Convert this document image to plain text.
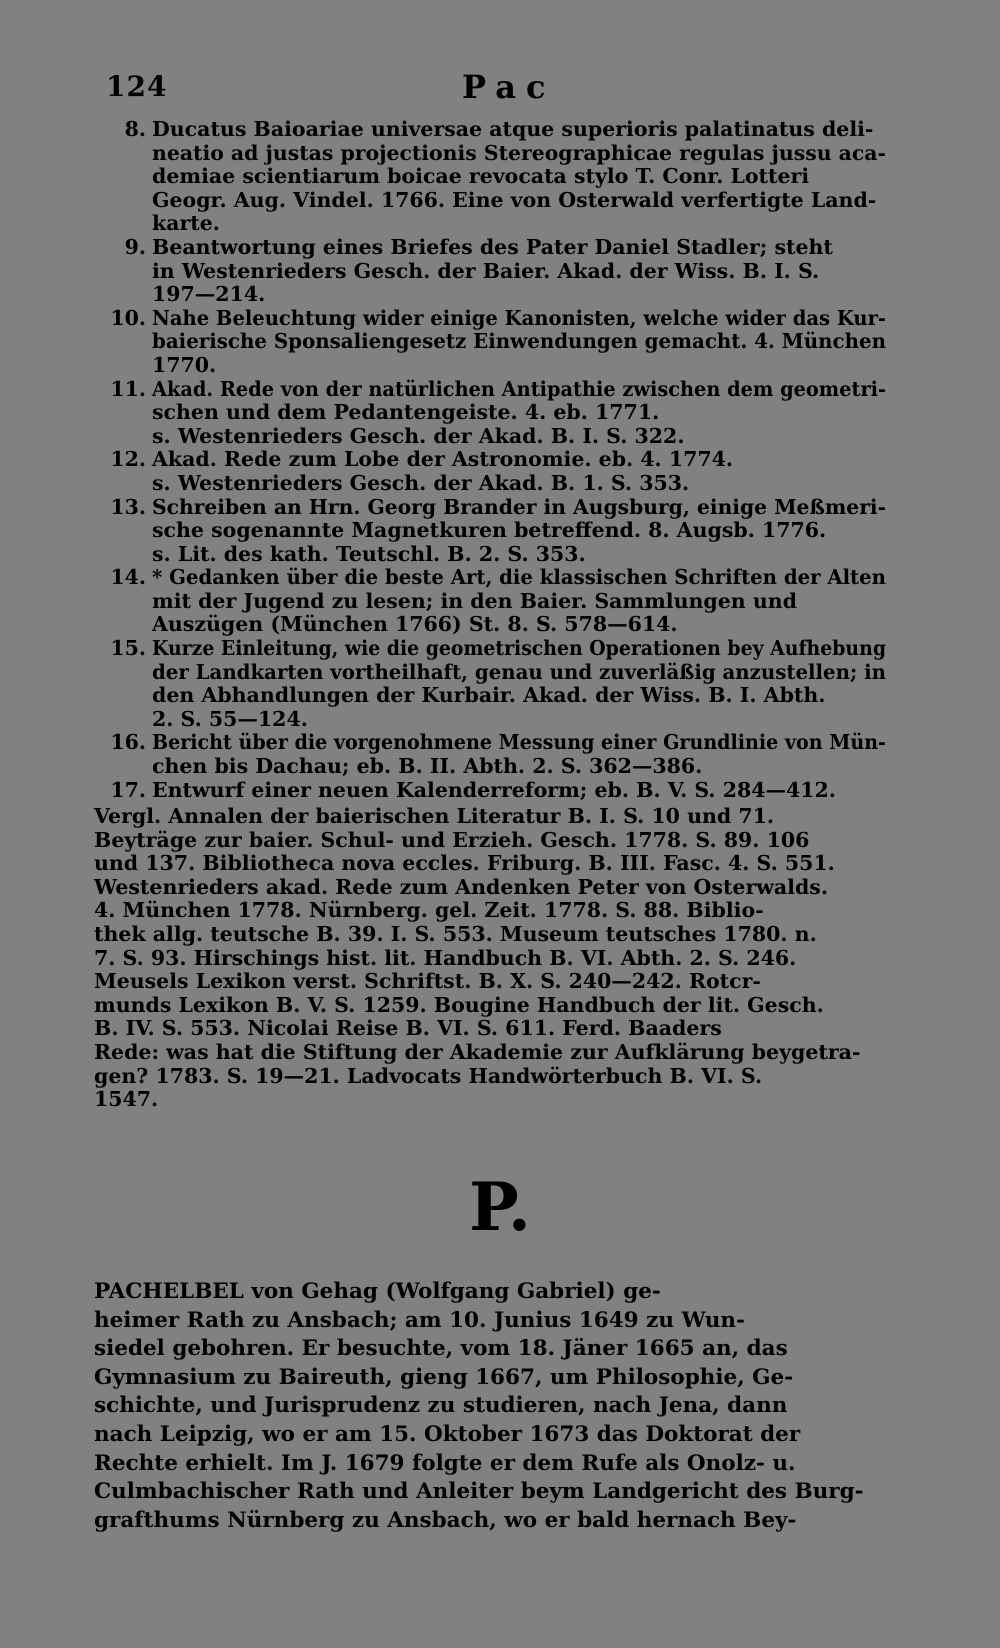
124	Pac
8. Ducatus Baioariae universae atque superioris palatinatus deli-
neatio ad justas projectionis Stereographicae regulas jussu aca-
demiae scientiarum boicae revocata stylo T. Conr. Lotteri
Geogr. Aug. Vindel. 1766. Eine von Osterwald verfertigte Land-
karte.
9. Beantwortung eines Briefes des Pater Daniel Stadler; steht
in Westenrieders Gesch. der Baier. Akad. der Wiss. B. I. S.
197—214.
10. Nahe Beleuchtung wider einige Kanonisten, welche wider das Kur-
baierische Sponsaliengesetz Einwendungen gemacht. 4. München
1770.
11. Akad. Rede von der natürlichen Antipathie zwischen dem geometri-
schen und dem Pedantengeiste. 4. eb. 1771.
s. Westenrieders Gesch. der Akad. B. I. S. 322.
12. Akad. Rede zum Lobe der Astronomie. eb. 4. 1774.
s. Westenrieders Gesch. der Akad. B. 1. S. 353.
13. Schreiben an Hrn. Georg Brander in Augsburg, einige Meßmeri-
sche sogenannte Magnetkuren betreffend. 8. Augsb. 1776.
s. Lit. des kath. Teutschl. B. 2. S. 353.
14. * Gedanken über die beste Art, die klassischen Schriften der Alten
mit der Jugend zu lesen; in den Baier. Sammlungen und
Auszügen (München 1766) St. 8. S. 578—614.
15. Kurze Einleitung, wie die geometrischen Operationen bey Aufhebung
der Landkarten vortheilhaft, genau und zuverläßig anzustellen; in
den Abhandlungen der Kurbair. Akad. der Wiss. B. I. Abth.
2. S. 55—124.
16. Bericht über die vorgenohmene Messung einer Grundlinie von Mün-
chen bis Dachau; eb. B. II. Abth. 2. S. 362—386.
17. Entwurf einer neuen Kalenderreform; eb. B. V. S. 284—412.
Vergl. Annalen der baierischen Literatur B. I. S. 10 und 71.
Beyträge zur baier. Schul- und Erzieh. Gesch. 1778. S. 89. 106
und 137. Bibliotheca nova eccles. Friburg. B. III. Fasc. 4. S. 551.
Westenrieders akad. Rede zum Andenken Peter von Osterwalds.
4. München 1778. Nürnberg. gel. Zeit. 1778. S. 88. Biblio-
thek allg. teutsche B. 39. I. S. 553. Museum teutsches 1780. n.
7. S. 93. Hirschings hist. lit. Handbuch B. VI. Abth. 2. S. 246.
Meusels Lexikon verst. Schriftst. B. X. S. 240—242. Rotcr-
munds Lexikon B. V. S. 1259. Bougine Handbuch der lit. Gesch.
B. IV. S. 553. Nicolai Reise B. VI. S. 611. Ferd. Baaders
Rede: was hat die Stiftung der Akademie zur Aufklärung beygetra-
gen? 1783. S. 19—21. Ladvocats Handwörterbuch B. VI. S.
1547.
P.
PACHELBEL von Gehag (Wolfgang Gabriel) ge-
heimer Rath zu Ansbach; am 10. Junius 1649 zu Wun-
siedel gebohren. Er besuchte, vom 18. Jäner 1665 an, das
Gymnasium zu Baireuth, gieng 1667, um Philosophie, Ge-
schichte, und Jurisprudenz zu studieren, nach Jena, dann
nach Leipzig, wo er am 15. Oktober 1673 das Doktorat der
Rechte erhielt. Im J. 1679 folgte er dem Rufe als Onolz- u.
Culmbachischer Rath und Anleiter beym Landgericht des Burg-
grafthums Nürnberg zu Ansbach, wo er bald hernach Bey-
